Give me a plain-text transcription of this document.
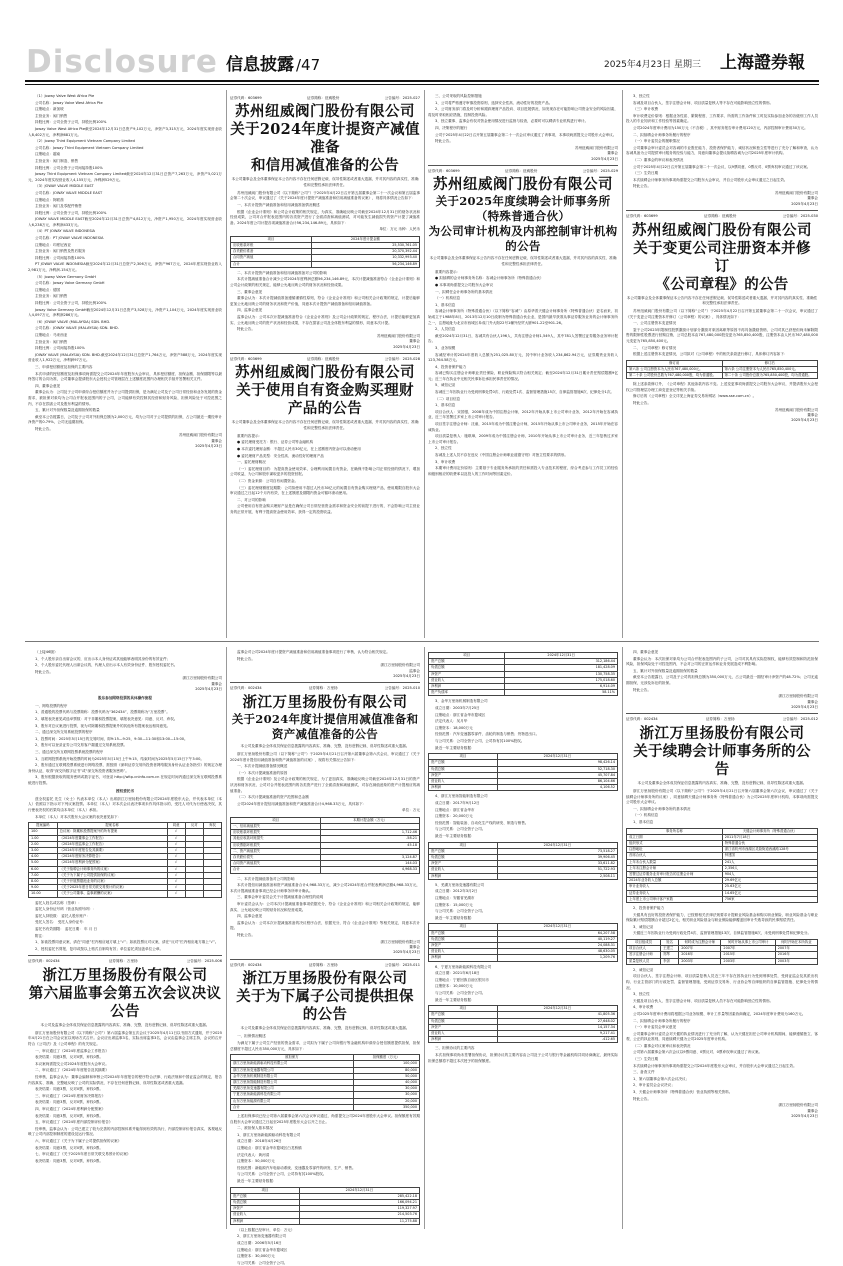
Disclosure 信息披露 /47	2025年4月23日 星期三 上海證券報

（1）Joway Valve West Africa Pte

公司名称：Joway Valve West Africa Pte

注册地点：新加坡

主营业务：阀门销售

持股比例：公司全资子公司，持股比例100%

Joway Valve West Africa Pte截至2024年12月31日总资产9,102万元，净资产3,315万元，2024年度实现营业收入8,402万元，净利润681万元。

（2）Joway Third Equipment Vietnam Company Limited

公司名称：Joway Third Equipment Vietnam Company Limited

注册地点：越南

主营业务：阀门制造、销售

持股比例：公司全资子公司间接持股100%

Joway Third Equipment Vietnam Company Limited截至2024年12月31日总资产7,263万元，净资产5,021万元，2024年度实现营业收入4,155万元，净利润529万元。

（3）JOWAY VALVE MIDDLE EAST

公司名称：JOWAY VALVE MIDDLE EAST

注册地点：阿联酋

主营业务：阀门及零配件销售

持股比例：公司全资子公司，持股比例100%

JOWAY VALVE MIDDLE EAST截至2024年12月31日总资产4,812万元，净资产1,950万元，2024年度实现营业收入6,238万元，净利润433万元。

（4）PT JOWAY VALVE INDONESIA

公司名称：PT JOWAY VALVE INDONESIA

注册地点：印度尼西亚

主营业务：阀门销售及售后服务

持股比例：公司间接持股100%

PT JOWAY VALVE INDONESIA截至2024年12月31日总资产2,306万元，净资产967万元，2024年度实现营业收入2,981万元，净利润-154万元。

（5）Joway Valve Germany GmbH

公司名称：Joway Valve Germany GmbH

注册地点：德国

主营业务：阀门销售

持股比例：公司全资子公司，持股比例100%

Joway Valve Germany GmbH截至2024年12月31日总资产3,528万元，净资产1,104万元，2024年度实现营业收入4,097万元，净利润286万元。

（6）JOWAY VALVE (MALAYSIA) SDN. BHD.

公司名称：JOWAY VALVE (MALAYSIA) SDN. BHD.

注册地点：马来西亚

主营业务：阀门销售

持股比例：公司间接持股100%

JOWAY VALVE (MALAYSIA) SDN. BHD.截至2024年12月31日总资产1,764万元，净资产588万元，2024年度实现营业收入1,922万元，净利润97万元。

三、申请授信额度及担保的主要内容

本次申请的授信额度及担保事项尚需提交公司2024年年度股东大会审议，具体授信额度、担保金额、担保期限等以最终签订的合同为准，公司董事会提请股东大会授权公司管理层在上述额度范围内办理相关手续并签署相关文件。

四、董事会意见

董事会认为：公司及子公司申请综合授信额度并为子公司提供担保，是为满足公司及子公司日常经营和业务发展的资金需求，被担保对象均为公司合并报表范围内的子公司，公司能够有效控制其经营和财务风险，担保风险处于可控范围之内，不存在损害公司及股东利益的情形。

五、累计对外担保数量及逾期担保的数量

截至本公告披露日，公司及子公司对外担保总额为2,000万元，均为公司对子公司提供的担保，占公司最近一期经审计净资产的0.79%，公司无逾期担保。

特此公告。

苏州纽威阀门股份有限公司
董事会
2025年4月23日
证券代码：603699	证券简称：纽威股份	公告编号：2025-027
苏州纽威阀门股份有限公司
关于2024年度计提资产减值准备
和信用减值准备的公告
本公司董事会及全体董事保证本公告内容不存在任何虚假记载、误导性陈述或者重大遗漏，并对其内容的真实性、准确性和完整性承担法律责任。

苏州纽威阀门股份有限公司（以下简称“公司”）于2025年4月22日召开第五届董事会第二十一次会议和第五届监事会第二十次会议，审议通过了《关于2024年度计提资产减值准备和信用减值准备的议案》，现将具体情况公告如下：

一、本次计提资产减值准备和信用减值准备情况概述

根据《企业会计准则》和公司会计政策的相关规定，为真实、准确地反映公司截至2024年12月31日的财务状况和经营成果，公司对合并报表范围内的各类资产进行了全面清查和减值测试，对可能发生减值损失的资产计提了减值准备。2024年度公司计提各项减值准备合计56,234,146.89元，具体如下：

单位：万元 币种：人民币
项目	2024年度计提金额
应收账款坏账	25,530,761.05
存货跌价准备	20,370,392.44
合同资产减值	10,332,993.40
合计	56,234,146.89

二、本次计提资产减值准备和信用减值准备对公司的影响

本次计提减值准备合计减少公司2024年度利润总额56,234,146.89元，本次计提减值准备符合《企业会计准则》和公司会计政策的相关规定，能够公允地反映公司的财务状况和经营成果。

三、董事会意见

董事会认为：本次计提减值准备遵循谨慎性原则，符合《企业会计准则》和公司相关会计政策的规定，计提后能够更加公允地反映公司的财务状况和资产价值，同意本次计提资产减值准备和信用减值准备。

四、监事会意见

监事会认为：公司本次计提减值准备符合《企业会计准则》及公司会计政策的规定，程序合法，计提后能够更加真实、公允地反映公司的资产状况和经营成果，不存在损害公司及全体股东利益的情形，同意本次计提。

特此公告。

苏州纽威阀门股份有限公司
董事会
2025年4月23日
证券代码：603699	证券简称：纽威股份	公告编号：2025-028
苏州纽威阀门股份有限公司
关于使用自有资金购买理财产品的公告
本公司董事会及全体董事保证本公告内容不存在任何虚假记载、误导性陈述或者重大遗漏，并对其内容的真实性、准确性和完整性承担法律责任。

重要内容提示：

● 委托理财受托方：银行、证券公司等金融机构

● 本次委托理财金额：不超过人民币30亿元，在上述额度内资金可以滚动使用

● 委托理财产品类型：安全性高、流动性好的理财产品

一、委托理财概况

（一）委托理财目的：为提高资金使用效率，合理利用闲置自有资金，在确保不影响公司正常经营的情况下，增加公司收益，为公司和股东谋取更多的投资回报。

（二）资金来源：公司自有闲置资金。

（三）委托理财额度及期限：公司拟使用不超过人民币30亿元的闲置自有资金购买理财产品，使用期限自股东大会审议通过之日起12个月内有效，在上述额度及期限内资金可循环滚动使用。

二、对公司的影响

公司使用自有资金购买理财产品是在确保公司日常经营资金需求和资金安全的前提下进行的，不会影响公司主营业务的正常开展，有利于提高资金使用效率，获得一定的投资收益。

三、公司采取的风险控制措施

1、公司将严格遵守审慎投资原则，选择安全性高、流动性好的投资产品。

2、公司财务部门将及时分析和跟踪理财产品投向、项目进展情况，如发现存在可能影响公司资金安全的风险因素，将及时采取相应措施，控制投资风险。

3、独立董事、监事会有权对资金使用情况进行监督与检查，必要时可以聘请专业机构进行审计。

四、决策程序的履行

公司于2025年4月22日召开第五届董事会第二十一次会议审议通过了该事项，本事项尚需提交公司股东大会审议。

特此公告。

苏州纽威阀门股份有限公司
董事会
2025年4月23日
证券代码：603699	证券简称：纽威股份	公告编号：2025-029
苏州纽威阀门股份有限公司
关于2025年度续聘会计师事务所（特殊普通合伙）
为公司审计机构及内部控制审计机构的公告
本公司董事会及全体董事保证本公告内容不存在任何虚假记载、误导性陈述或者重大遗漏，并对其内容的真实性、准确性和完整性承担法律责任。

重要内容提示：

● 拟续聘的会计师事务所名称：容诚会计师事务所（特殊普通合伙）

● 本事项尚需提交公司股东大会审议

一、拟聘任会计师事务所的基本情况

（一）机构信息

1、基本信息

容诚会计师事务所（特殊普通合伙）（以下简称“容诚”）由原华普天健会计师事务所（特殊普通合伙）更名而来，初始成立于1988年8月，2013年12月10日改制为特殊普通合伙企业，是国内最早获准从事证券服务业务的会计师事务所之一，注册地址为北京市西城区阜成门外大街22号1幢外经贸大厦901-22至901-26。

2、人员信息

截至2024年12月31日，容诚共有合伙人196人，共有注册会计师1,549人，其中781人签署过证券服务业务审计报告。

3、业务规模

容诚经审计的2024年度收入总额为251,025.80万元，其中审计业务收入234,862.94万元，证券期货业务收入123,764.58万元。

4、投资者保护能力

容诚已购买注册会计师职业责任保险，职业保险购买符合相关规定；截至2024年12月31日累计责任赔偿限额9亿元；近三年在执业中无相关民事诉讼承担民事责任的情况。

5、诚信记录

容诚近三年因执业行为受到刑事处罚0次、行政处罚1次、监督管理措施15次、自律监管措施6次、纪律处分1次。

（二）项目信息

1、基本信息

项目合伙人：宋国强，2008年成为中国注册会计师，2012年开始从事上市公司审计业务，2012年开始在容诚执业，近三年签署过多家上市公司审计报告。

项目签字注册会计师：沈童，2015年成为中国注册会计师，2015年开始从事上市公司审计业务，2015年开始在容诚执业。

项目质量复核人：施琪璋，2009年成为中国注册会计师，2010年开始从事上市公司审计业务，近三年复核过多家上市公司审计报告。

2、独立性

容诚及上述人员不存在违反《中国注册会计师职业道德守则》对独立性要求的情形。

3、审计收费

本期审计费用定价原则：主要基于专业服务所承担的责任和需投入专业技术的程度，综合考虑参与工作员工的经验和级别相应的收费率以及投入的工作时间等因素定价。

3、独立性

容诚及项目合伙人、签字注册会计师、项目质量复核人等不存在可能影响独立性的情形。

（三）审计收费

审计收费定价原则：根据业务性质、繁简程度、工作要求、所需的工作条件和工时及实际参加业务的各级别工作人员投入的专业知识和工作经验等因素确定。

公司2024年度审计费用为150万元（不含税），其中财务报告审计费用120万元，内部控制审计费用30万元。

二、拟续聘会计师事务所履行的程序

（一）审计委员会的履职情况

公司董事会审计委员会对容诚的专业胜任能力、投资者保护能力、诚信状况和独立性等进行了充分了解和审查，认为容诚具备为公司提供审计服务的经验与能力，同意向董事会提议续聘容诚为公司2025年度审计机构。

（二）董事会的审议和表决情况

公司于2025年4月22日召开第五届董事会第二十一次会议，以9票同意、0票反对、0票弃权审议通过了该议案。

（三）生效日期

本次续聘会计师事务所事项尚需提交公司股东大会审议，并自公司股东大会审议通过之日起生效。

特此公告。

苏州纽威阀门股份有限公司
董事会
2025年4月23日
证券代码：603699	证券简称：纽威股份	公告编号：2025-030
苏州纽威阀门股份有限公司
关于变更公司注册资本并修订
《公司章程》的公告
本公司董事会及全体董事保证本公告内容不存在任何虚假记载、误导性陈述或者重大遗漏，并对其内容的真实性、准确性和完整性承担法律责任。

苏州纽威阀门股份有限公司（以下简称“公司”）于2025年4月22日召开第五届董事会第二十一次会议，审议通过了《关于变更公司注册资本并修订〈公司章程〉的议案》，具体情况如下：

一、公司注册资本变更情况

鉴于公司2023年限制性股票激励计划部分激励对象因离职等原因不再具备激励资格，公司对其已获授但尚未解除限售的限制性股票进行回购注销，公司总股本由767,480,000股变更为765,850,400股，注册资本由人民币767,480,000元变更为765,850,400元。

二、《公司章程》修订情况

根据上述注册资本变更情况，公司拟对《公司章程》中的相关条款进行修订，具体修订内容如下：

修订前	修订后
第六条 公司注册资本为人民币767,480,000元。	第六条 公司注册资本为人民币765,850,400元。
第二十条 公司股份总数为767,480,000股，均为普通股。	第二十条 公司股份总数为765,850,400股，均为普通股。

除上述条款修订外，《公司章程》其他条款内容不变。上述变更事项尚需提交公司股东大会审议，并提请股东大会授权公司管理层办理工商变更登记等相关手续。

修订后的《公司章程》全文详见上海证券交易所网站（www.sse.com.cn）。

特此公告。

苏州纽威阀门股份有限公司
董事会
2025年4月23日

（上接46版）

1、个人股东亲自出席会议的，应出示本人身份证或其他能够表明其身份的有效证件；

2、个人股东委托代理人出席会议的，代理人应出示本人有效身份证件、股东授权委托书。

特此公告。

浙江万里扬股份有限公司
董事会
2025年4月23日
股东参加网络投票的具体操作流程

一、网络投票的程序

1、普通股的投票代码与投票简称：投票代码为“362434”，投票简称为“万里投票”。

2、填报表决意见或选举票数：对于非累积投票提案，填报表决意见：同意、反对、弃权。

3、股东对总议案进行投票，视为对除累积投票提案外的其他所有提案表达相同意见。

二、通过深交所交易系统投票的程序

1、投票时间：2025年5月15日的交易时间，即9:15—9:25，9:30—11:30和13:00—15:00。

2、股东可以登录证券公司交易客户端通过交易系统投票。

三、通过深交所互联网投票系统投票的程序

1、互联网投票系统开始投票的时间为2025年5月15日上午9:15，结束时间为2025年5月15日下午3:00。

2、股东通过互联网投票系统进行网络投票，需按照《深圳证券交易所投资者网络服务身份认证业务指引》的规定办理身份认证，取得“深交所数字证书”或“深交所投资者服务密码”。

3、股东根据获取的服务密码或数字证书，可登录 http://wltp.cninfo.com.cn 在规定时间内通过深交所互联网投票系统进行投票。

授权委托书

兹全权委托 先生（女士）代表本单位（本人）出席浙江万里扬股份有限公司2024年度股东大会，并代表本单位（本人）依照以下指示对下列议案投票。本单位（本人）对本次会议表决事项未作具体指示的，受托人可代为行使表决权，其行使表决权的后果均由本单位（本人）承担。

本单位（本人）对本次股东大会议案的表决意见如下：

提案编码	提案名称	同意	反对	弃权
100	总议案：除累积投票提案外的所有提案	√		
1.00	《2024年度董事会工作报告》	√		
2.00	《2024年度监事会工作报告》	√		
3.00	《2024年年度报告及其摘要》	√		
4.00	《2024年度财务决算报告》	√		
5.00	《2024年度利润分配预案》	√		
6.00	《关于续聘会计师事务所的议案》	√		
7.00	《关于为下属子公司提供担保的议案》	√		
8.00	《关于开展票据池业务的议案》	√		
9.00	《关于2025年度日常关联交易预计的议案》	√		
10.00	《关于公司董事、监事薪酬的议案》	√		

委托人姓名或名称（签章）：

委托人身份证号码（营业执照号码）：

委托人持股数： 委托人股东账户：

受托人签名： 受托人身份证号：

委托书有效期限： 委托日期： 年 月 日

附注：

1、如欲投票同意议案，请在“同意”栏内相应地方填上“√”；如欲投票反对议案，请在“反对”栏内相应地方填上“√”。

2、授权委托书剪报、复印或按以上格式自制均有效；单位委托须加盖单位公章。

证券代码：002434	证券简称：万里扬	公告编号：2025-006
浙江万里扬股份有限公司
第六届监事会第五次会议决议公告
本公司及监事会全体成员保证信息披露的内容真实、准确、完整，没有虚假记载、误导性陈述或重大遗漏。

浙江万里扬股份有限公司（以下简称“公司”）第六届监事会第五次会议于2025年4月11日以书面方式通知，并于2025年4月21日在公司会议室以现场方式召开。会议应出席监事3名，实际出席监事3名，会议由监事会主席主持，会议的召开符合《公司法》及《公司章程》的有关规定。

一、审议通过了《2024年度监事会工作报告》

表决结果：同意3票，反对0票，弃权0票。

本议案尚需提交公司2024年度股东大会审议。

二、审议通过了《2024年年度报告及其摘要》

经审核，监事会认为：董事会编制和审核公司2024年年度报告的程序符合法律、行政法规和中国证监会的规定，报告内容真实、准确、完整地反映了公司的实际情况，不存在任何虚假记载、误导性陈述或者重大遗漏。

表决结果：同意3票，反对0票，弃权0票。

三、审议通过了《2024年度财务决算报告》

表决结果：同意3票，反对0票，弃权0票。

四、审议通过了《2024年度利润分配预案》

表决结果：同意3票，反对0票，弃权0票。

五、审议通过了《2024年度内部控制评价报告》

经审核，监事会认为：公司已建立了较为完善的内部控制体系并能得到有效的执行，内部控制评价报告真实、客观地反映了公司内部控制制度的建设及运行情况。

六、审议通过了《关于为下属子公司提供担保的议案》

表决结果：同意3票，反对0票，弃权0票。

七、审议通过了《关于2025年度日常关联交易预计的议案》

表决结果：同意3票，反对0票，弃权0票。

监事会对公司2024年度计提资产减值准备和信用减值准备事项进行了审核，认为符合相关规定。

特此公告。

浙江万里扬股份有限公司
监事会
2025年4月23日
证券代码：002434	证券简称：万里扬	公告编号：2025-010
浙江万里扬股份有限公司
关于2024年度计提信用减值准备和资产减值准备的公告
本公司及董事会全体成员保证信息披露的内容真实、准确、完整，没有虚假记载、误导性陈述或重大遗漏。

浙江万里扬股份有限公司（以下简称“公司”）于2025年4月21日召开第六届董事会第六次会议，审议通过了《关于2024年度计提信用减值准备和资产减值准备的议案》，现将有关情况公告如下：

一、本次计提减值准备情况概述

（一）本次计提减值准备的原因

根据《企业会计准则》及公司会计政策的相关规定，为了更加真实、准确地反映公司截至2024年12月31日的资产状况和财务状况，公司对合并报表范围内的各类资产进行了全面清查和减值测试，对存在减值迹象的资产计提相应的减值准备。

（二）本次计提减值准备的资产范围和总金额

公司2024年度计提信用减值准备和资产减值准备合计4,968.33万元，具体如下：

单位：万元
项目	本期计提金额（万元）
一、信用减值损失	
应收账款坏账损失	1,712.46
其他应收款坏账损失	-58.21
应收票据坏账损失	45.18
二、资产减值损失	
存货跌价损失	3,124.87
合同资产减值损失	144.03
合计	4,968.33

二、本次计提减值准备对公司的影响

本次计提信用减值准备和资产减值准备合计4,968.33万元，减少公司2024年度合并报表利润总额4,968.33万元，本次计提减值准备事项已经会计师事务所审计确认。

三、董事会审计委员会关于计提减值准备合理性的说明

审计委员会认为：公司本次计提减值准备事项依据充分，符合《企业会计准则》和公司相关会计政策的规定，能够真实、公允地反映公司的财务状况和经营成果。

四、监事会意见

监事会认为：公司本次计提减值准备的决议程序合法，依据充分，符合《企业会计准则》等相关规定，同意本次计提。

特此公告。

浙江万里扬股份有限公司
董事会
2025年4月23日
证券代码：002434	证券简称：万里扬	公告编号：2025-011
浙江万里扬股份有限公司
关于为下属子公司提供担保的公告
本公司及董事会全体成员保证信息披露的内容真实、准确、完整，没有虚假记载、误导性陈述或重大遗漏。

一、担保情况概述

为满足下属子公司生产经营的资金需求，公司拟为下属子公司向银行等金融机构申请综合授信额度提供担保，担保总额度不超过人民币350,000万元，具体如下：

被担保方	担保额度（万元）
浙江万里扬新能源驱动科技有限公司	100,000
浙江万里扬变速器有限公司	80,000
金华万里扬机械制造有限公司	50,000
浙江万里扬智能制造有限公司	40,000
芜湖万里扬变速器有限公司	30,000
宁夏万里扬新能源科技有限公司	30,000
山东万里扬能源有限公司	20,000
合计	350,000

上述担保事项已经公司第六届董事会第六次会议审议通过，尚需提交公司2024年度股东大会审议。担保额度有效期自股东大会审议通过之日起至2025年度股东大会召开之日止。

二、被担保人基本情况

1、浙江万里扬新能源驱动科技有限公司

成立日期：2018年4月26日

注册地点：浙江省金华市婺城区白龙桥镇

法定代表人：黄河清

注册资本：50,000万元

经营范围：新能源汽车电驱动系统、变速器及零部件的研发、生产、销售。

与公司关系：公司全资子公司，公司持有其100%股权。

最近一年主要财务数据：

项目	2024年12月31日
资产总额	285,422.18
负债总额	166,094.21
净资产	119,327.97
营业收入	214,503.76
净利润	11,275.88

（以上数据已经审计，单位：万元）

2、浙江万里扬变速器有限公司

成立日期：2006年5月16日

注册地点：浙江省金华市婺城区

注册资本：30,000万元

与公司关系：公司全资子公司。

项目	2024年12月31日
资产总额	312,186.44
负债总额	181,428.09
净资产	130,758.35
营业收入	175,018.60
净利润	6,914.09
资产负债率	58.11%

3、金华万里扬机械制造有限公司

成立日期：2003年7月25日

注册地点：浙江省金华市婺城区

法定代表人：吴月华

注册资本：18,000万元

经营范围：汽车变速器零部件、齿轮的制造与销售；货物进出口。

与公司关系：公司全资子公司，公司持有其100%股权。

最近一年主要财务数据：

项目	2024年12月31日
资产总额	98,426.14
负债总额	52,718.30
净资产	45,707.84
营业收入	86,104.66
净利润	4,106.52

4、浙江万里扬智能制造有限公司

成立日期：2017年9月12日

注册地点：浙江省金华市

注册资本：20,000万元

经营范围：智能装备、自动化生产线的研发、制造与销售。

与公司关系：公司全资子公司。

最近一年主要财务数据：

项目	2024年12月31日
资产总额	73,518.27
负债总额	39,906.45
净资产	33,611.82
营业收入	51,722.93
净利润	2,508.11

5、芜湖万里扬变速器有限公司

成立日期：2012年3月2日

注册地点：安徽省芜湖市

注册资本：15,000万元

与公司关系：公司全资子公司。

最近一年主要财务数据：

项目	2024年12月31日
资产总额	64,207.58
负债总额	40,119.27
净资产	24,088.31
营业收入	48,630.05
净利润	1,209.76

6、宁夏万里扬新能源科技有限公司

成立日期：2021年6月18日

注册地点：宁夏回族自治区银川市

注册资本：10,000万元

与公司关系：公司全资子公司。

最近一年主要财务数据：

项目	2024年12月31日
资产总额	41,805.36
负债总额	27,648.02
净资产	14,157.34
营业收入	9,217.41
净利润	-412.65

三、担保协议的主要内容

本次担保事项尚未签署担保协议，担保协议的主要内容由公司及子公司与银行等金融机构共同协商确定，最终实际担保总额将不超过本次授予的担保额度。

四、董事会意见

董事会认为：本次担保对象均为公司合并报表范围内的子公司，公司对其具有实际控制权，能够有效控制和防范担保风险，担保风险处于可控范围内，不会对公司的正常运作和业务发展造成不利影响。

五、累计对外担保数量及逾期担保的数量

截至本公告披露日，公司及子公司的担保总额为350,000万元，占公司最近一期经审计净资产的48.72%；公司无逾期担保，无涉及诉讼的担保。

特此公告。

浙江万里扬股份有限公司
董事会
2025年4月23日
证券代码：002434	证券简称：万里扬	公告编号：2025-012
浙江万里扬股份有限公司
关于续聘会计师事务所的公告
本公司及董事会全体成员保证信息披露的内容真实、准确、完整，没有虚假记载、误导性陈述或重大遗漏。

浙江万里扬股份有限公司（以下简称“公司”）于2025年4月21日召开第六届董事会第六次会议，审议通过了《关于续聘会计师事务所的议案》，同意续聘天健会计师事务所（特殊普通合伙）为公司2025年度审计机构，本事项尚需提交公司股东大会审议。

一、拟续聘会计师事务所的基本情况

（一）机构信息

1、基本信息

事务所名称	天健会计师事务所（特殊普通合伙）
成立日期	2011年7月18日
组织形式	特殊普通合伙
注册地址	浙江省杭州市西湖区灵隐街道西溪路128号
首席合伙人	钟建国
上年末合伙人数量	241人
上年末注册会计师	2,356人
签署过证券服务业务审计报告的注册会计师	904人
2024年业务收入总额	29.69亿元
审计业务收入	25.63亿元
证券业务收入	14.65亿元
上年度上市公司审计客户家数	756家

2、投资者保护能力

天健具有良好的投资者保护能力，已按照相关法律法规要求计提职业风险基金和购买职业保险，职业风险基金与职业保险累计赔偿限额合计超过2亿元，相关职业风险基金与职业保险能够覆盖因审计失败导致的民事赔偿责任。

3、诚信记录

天健近三年因执业行为受到行政处罚4次、监督管理措施13次、自律监管措施8次，未受到刑事处罚和纪律处分。

项目组成员	姓名	何时成为注册会计师	何时开始从事上市公司审计	何时开始在本所执业
项目合伙人	王建兰	2007年	2007年	2007年
签字注册会计师	郑琴	2016年	2015年	2016年
质量复核人员	李剑	2003年	2003年	2003年

2、诚信记录

项目合伙人、签字注册会计师、项目质量复核人员近三年不存在因执业行为受到刑事处罚，受到证监会及其派出机构、行业主管部门的行政处罚、监督管理措施，受到证券交易所、行业协会等自律组织的自律监管措施、纪律处分的情况。

3、独立性

天健及项目合伙人、签字注册会计师、项目质量复核人员不存在可能影响独立性的情形。

4、审计收费

公司2025年度审计费用将根据公司业务规模、审计工作量等因素协商确定，2024年度审计费用为160万元。

二、拟续聘会计师事务所履行的程序

（一）审计委员会审议意见

公司董事会审计委员会对天健的执业情况进行了充分的了解，认为天健在担任公司审计机构期间，能够遵循独立、客观、公正的执业准则，同意续聘天健为公司2025年度审计机构。

（二）董事会对议案审议和表决情况

公司第六届董事会第六次会议以9票同意、0票反对、0票弃权审议通过了该议案。

（三）生效日期

本次续聘会计师事务所事项尚需提交公司2024年度股东大会审议，并自股东大会审议通过之日起生效。

三、备查文件

1、第六届董事会第六次会议决议；

2、审计委员会会议决议；

3、天健会计师事务所（特殊普通合伙）营业执照等相关资料。

特此公告。

浙江万里扬股份有限公司
董事会
2025年4月23日
